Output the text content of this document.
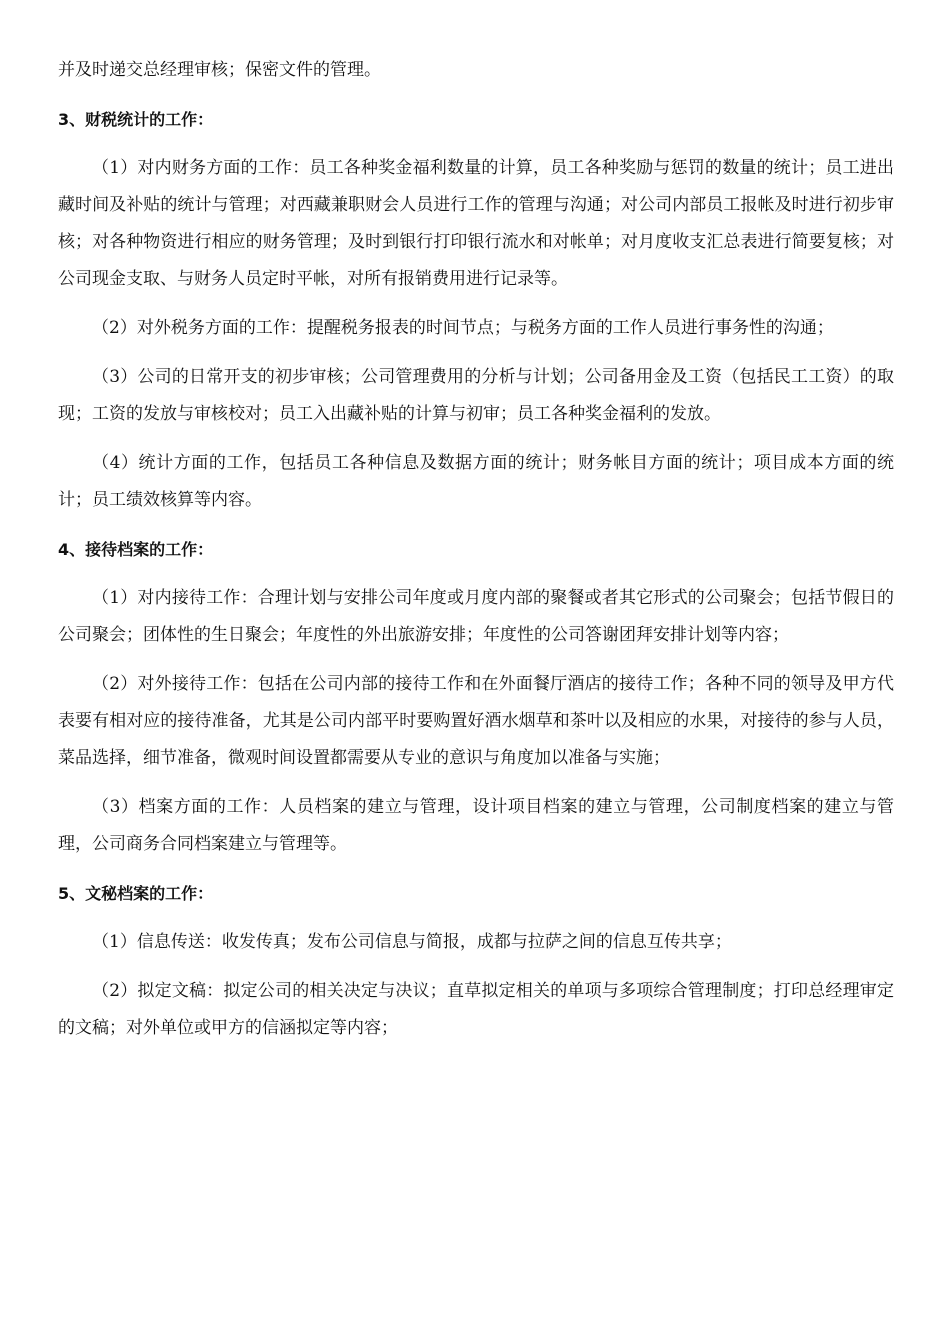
并及时递交总经理审核；保密文件的管理。

3、财税统计的工作：

（1）对内财务方面的工作：员工各种奖金福利数量的计算，员工各种奖励与惩罚的数量的统计；员工进出藏时间及补贴的统计与管理；对西藏兼职财会人员进行工作的管理与沟通；对公司内部员工报帐及时进行初步审核；对各种物资进行相应的财务管理；及时到银行打印银行流水和对帐单；对月度收支汇总表进行简要复核；对公司现金支取、与财务人员定时平帐，对所有报销费用进行记录等。

（2）对外税务方面的工作：提醒税务报表的时间节点；与税务方面的工作人员进行事务性的沟通；

（3）公司的日常开支的初步审核；公司管理费用的分析与计划；公司备用金及工资（包括民工工资）的取现；工资的发放与审核校对；员工入出藏补贴的计算与初审；员工各种奖金福利的发放。

（4）统计方面的工作，包括员工各种信息及数据方面的统计；财务帐目方面的统计；项目成本方面的统计；员工绩效核算等内容。

4、接待档案的工作：

（1）对内接待工作：合理计划与安排公司年度或月度内部的聚餐或者其它形式的公司聚会；包括节假日的公司聚会；团体性的生日聚会；年度性的外出旅游安排；年度性的公司答谢团拜安排计划等内容；

（2）对外接待工作：包括在公司内部的接待工作和在外面餐厅酒店的接待工作；各种不同的领导及甲方代表要有相对应的接待准备，尤其是公司内部平时要购置好酒水烟草和茶叶以及相应的水果，对接待的参与人员，菜品选择，细节准备，微观时间设置都需要从专业的意识与角度加以准备与实施；

（3）档案方面的工作：人员档案的建立与管理，设计项目档案的建立与管理，公司制度档案的建立与管理，公司商务合同档案建立与管理等。

5、文秘档案的工作：

（1）信息传送：收发传真；发布公司信息与简报，成都与拉萨之间的信息互传共享；

（2）拟定文稿：拟定公司的相关决定与决议；直草拟定相关的单项与多项综合管理制度；打印总经理审定的文稿；对外单位或甲方的信涵拟定等内容；
